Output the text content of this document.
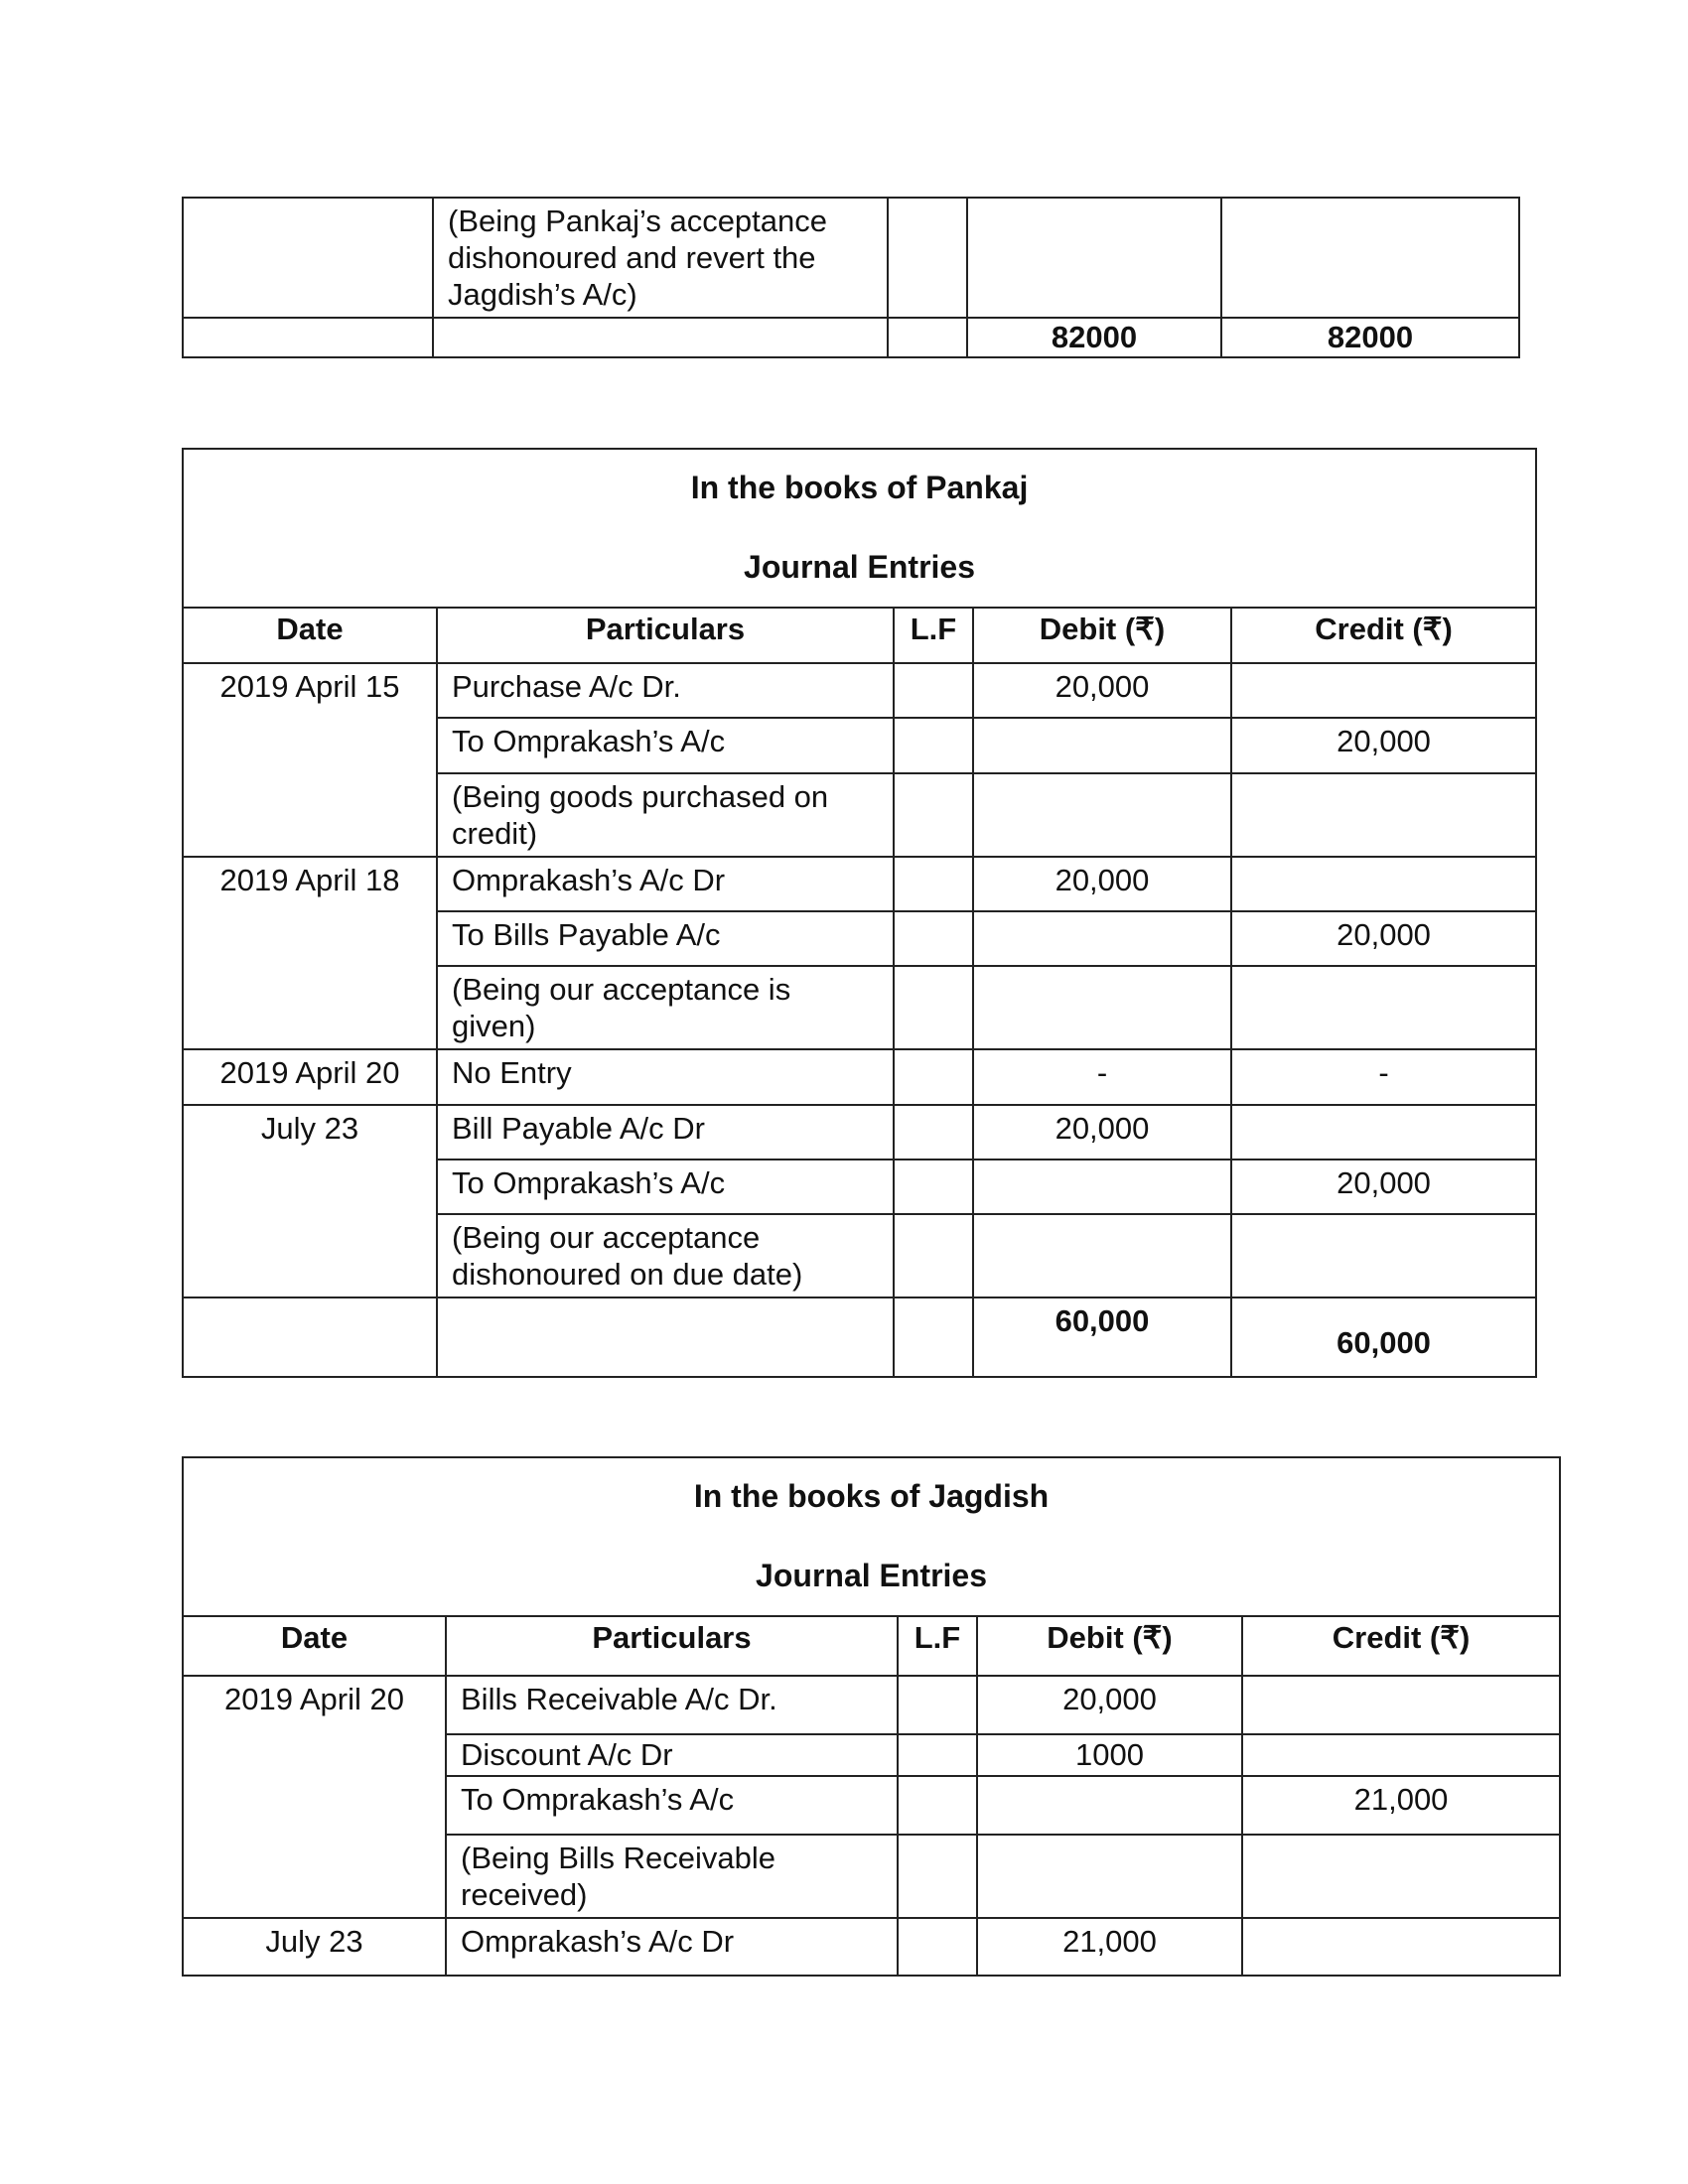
	(Being Pankaj’s acceptance dishonoured and revert the Jagdish’s A/c)			
			82000	82000
In the books of Pankaj
Journal Entries				

Date	Particulars	L.F	Debit (₹)	Credit (₹)
2019 April 15	Purchase A/c Dr.		20,000	
	To Omprakash’s A/c			20,000
	(Being goods purchased on credit)			
2019 April 18	Omprakash’s A/c Dr		20,000	
	To Bills Payable A/c			20,000
	(Being our acceptance is given)			
2019 April 20	No Entry		-	-
July 23	Bill Payable A/c Dr		20,000	
	To Omprakash’s A/c			20,000
	(Being our acceptance dishonoured on due date)			
			60,000	60,000
In the books of Jagdish
Journal Entries				

Date	Particulars	L.F	Debit (₹)	Credit (₹)
2019 April 20	Bills Receivable A/c Dr.		20,000	
	Discount A/c Dr		1000	
	To Omprakash’s A/c			21,000
	(Being Bills Receivable received)			
July 23	Omprakash’s A/c Dr		21,000	
